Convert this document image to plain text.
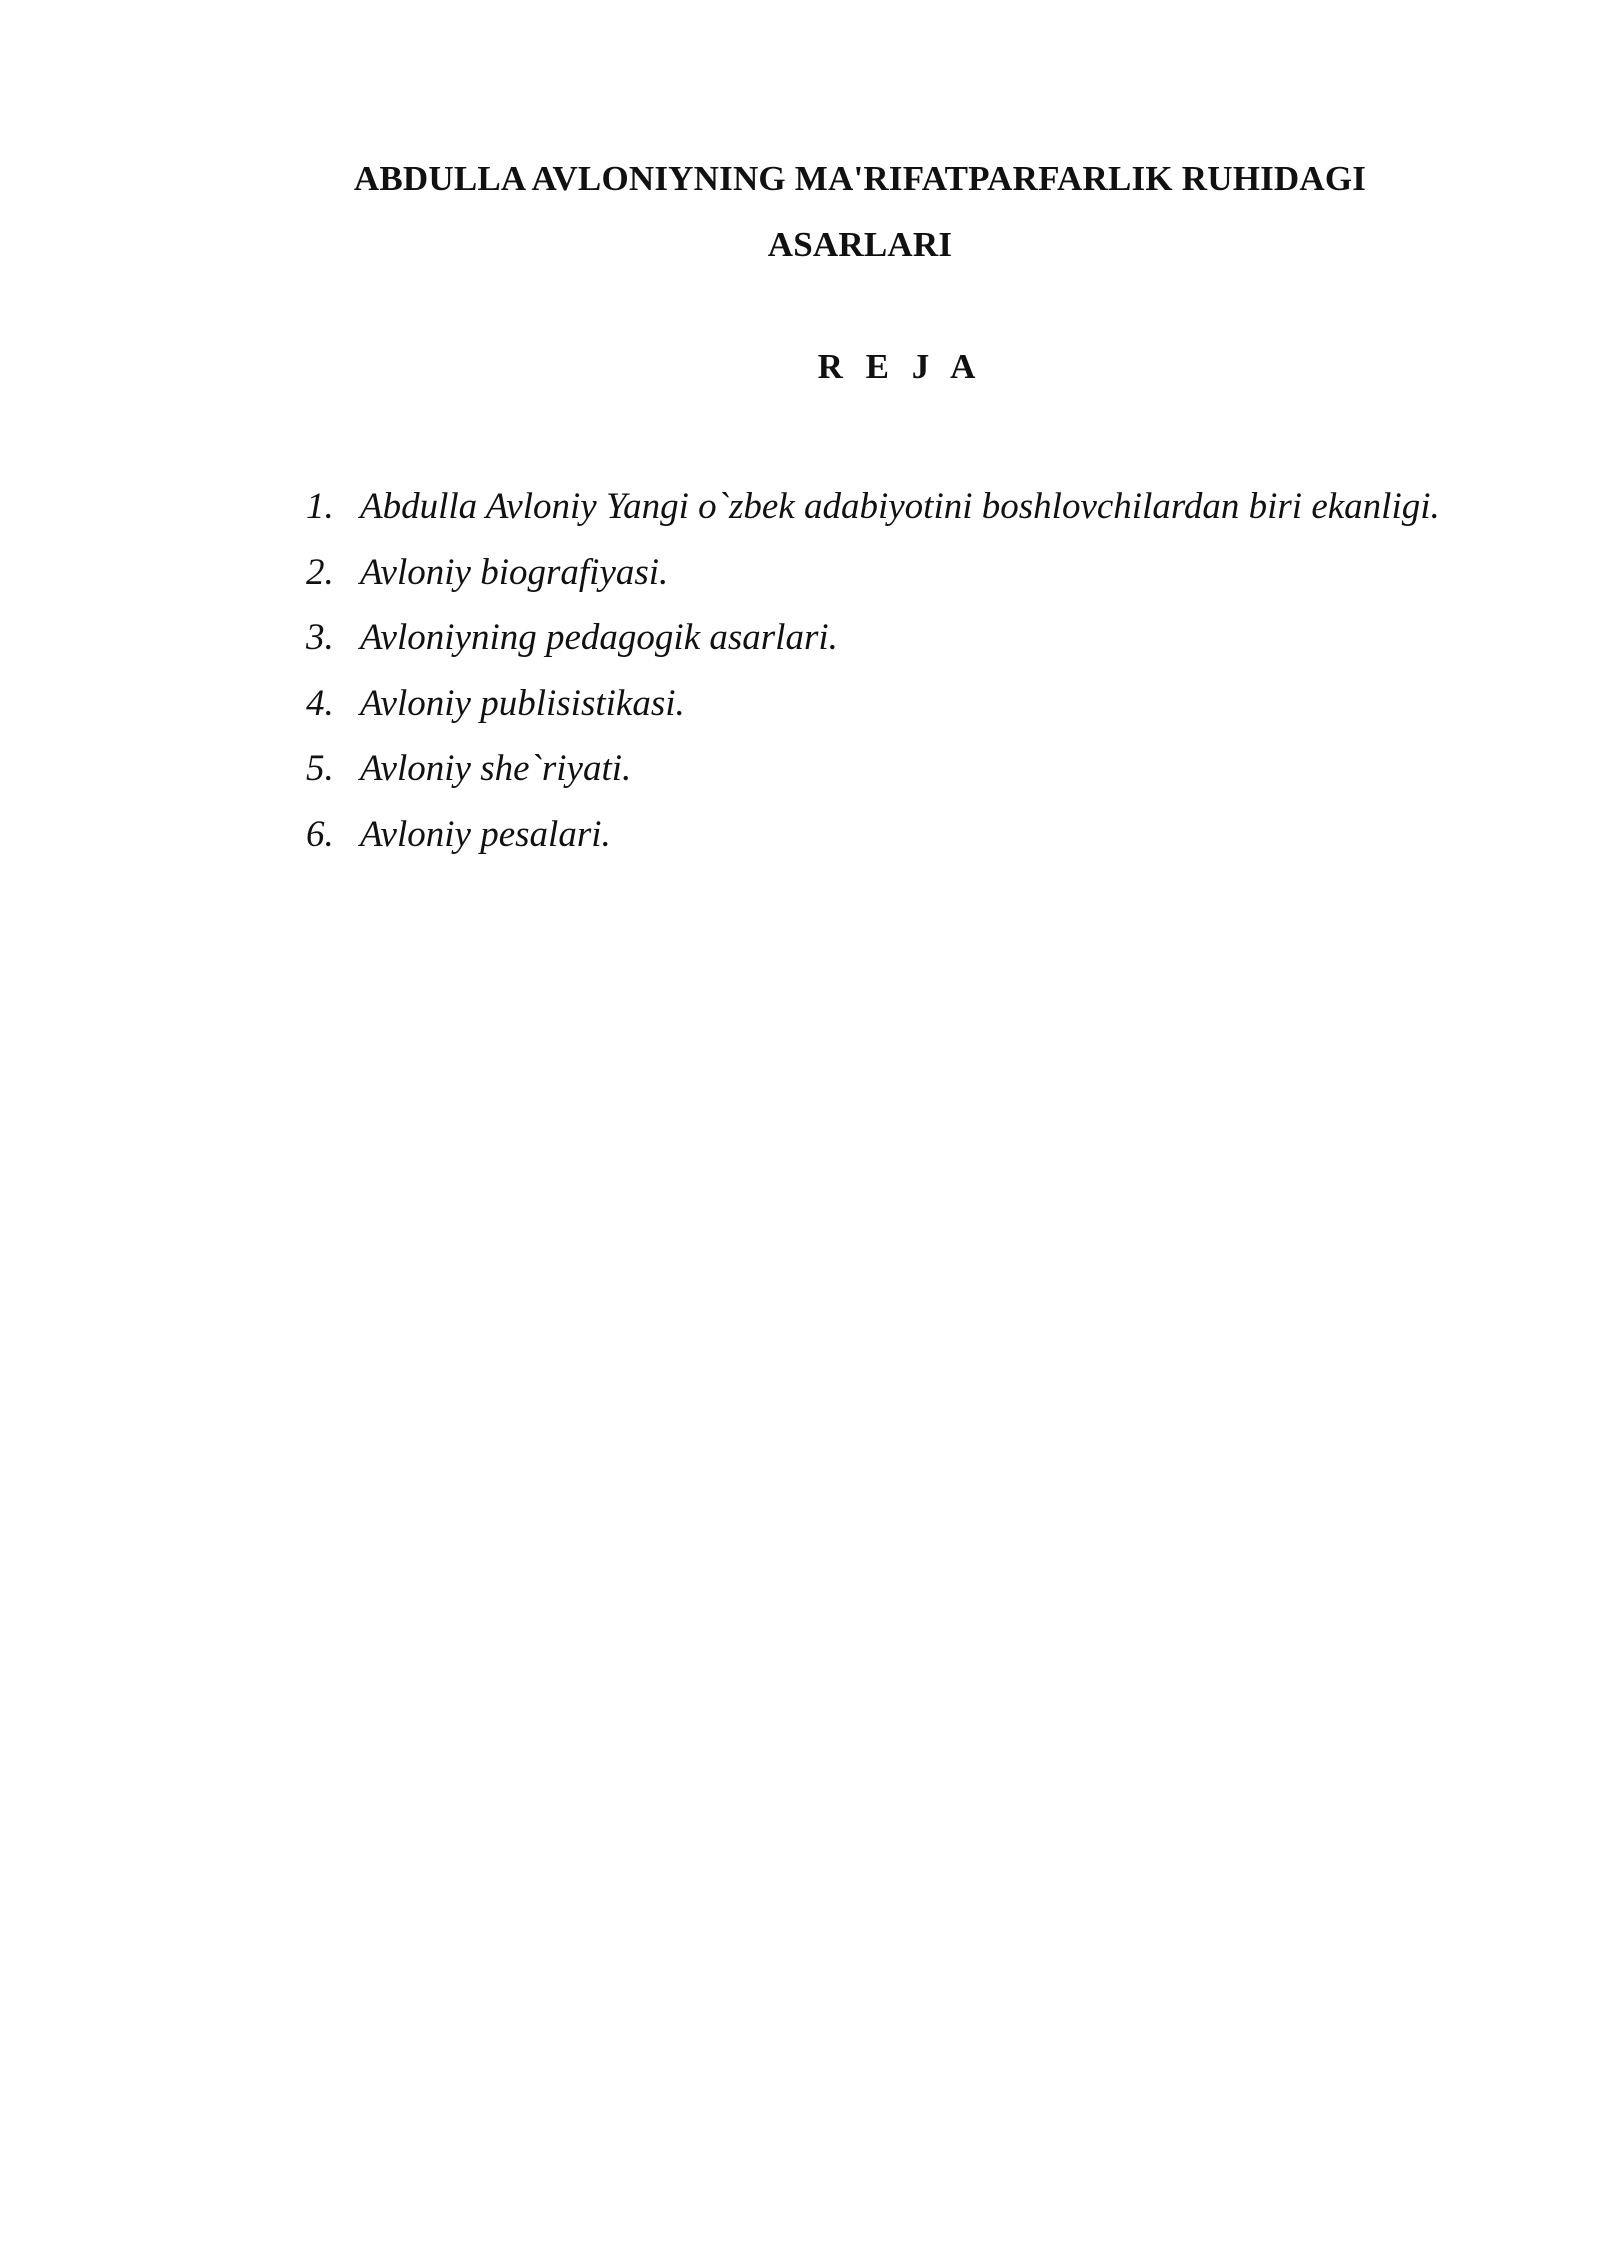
ABDULLA AVLONIYNING MA'RIFATPARFARLIK RUHIDAGI
ASARLARI
R E J A
1. Abdulla Avloniy Yangi o`zbek adabiyotini boshlovchilardan biri ekanligi.
2. Avloniy biografiyasi.
3. Avloniyning pedagogik asarlari.
4. Avloniy publisistikasi.
5. Avloniy she`riyati.
6. Avloniy pesalari.
